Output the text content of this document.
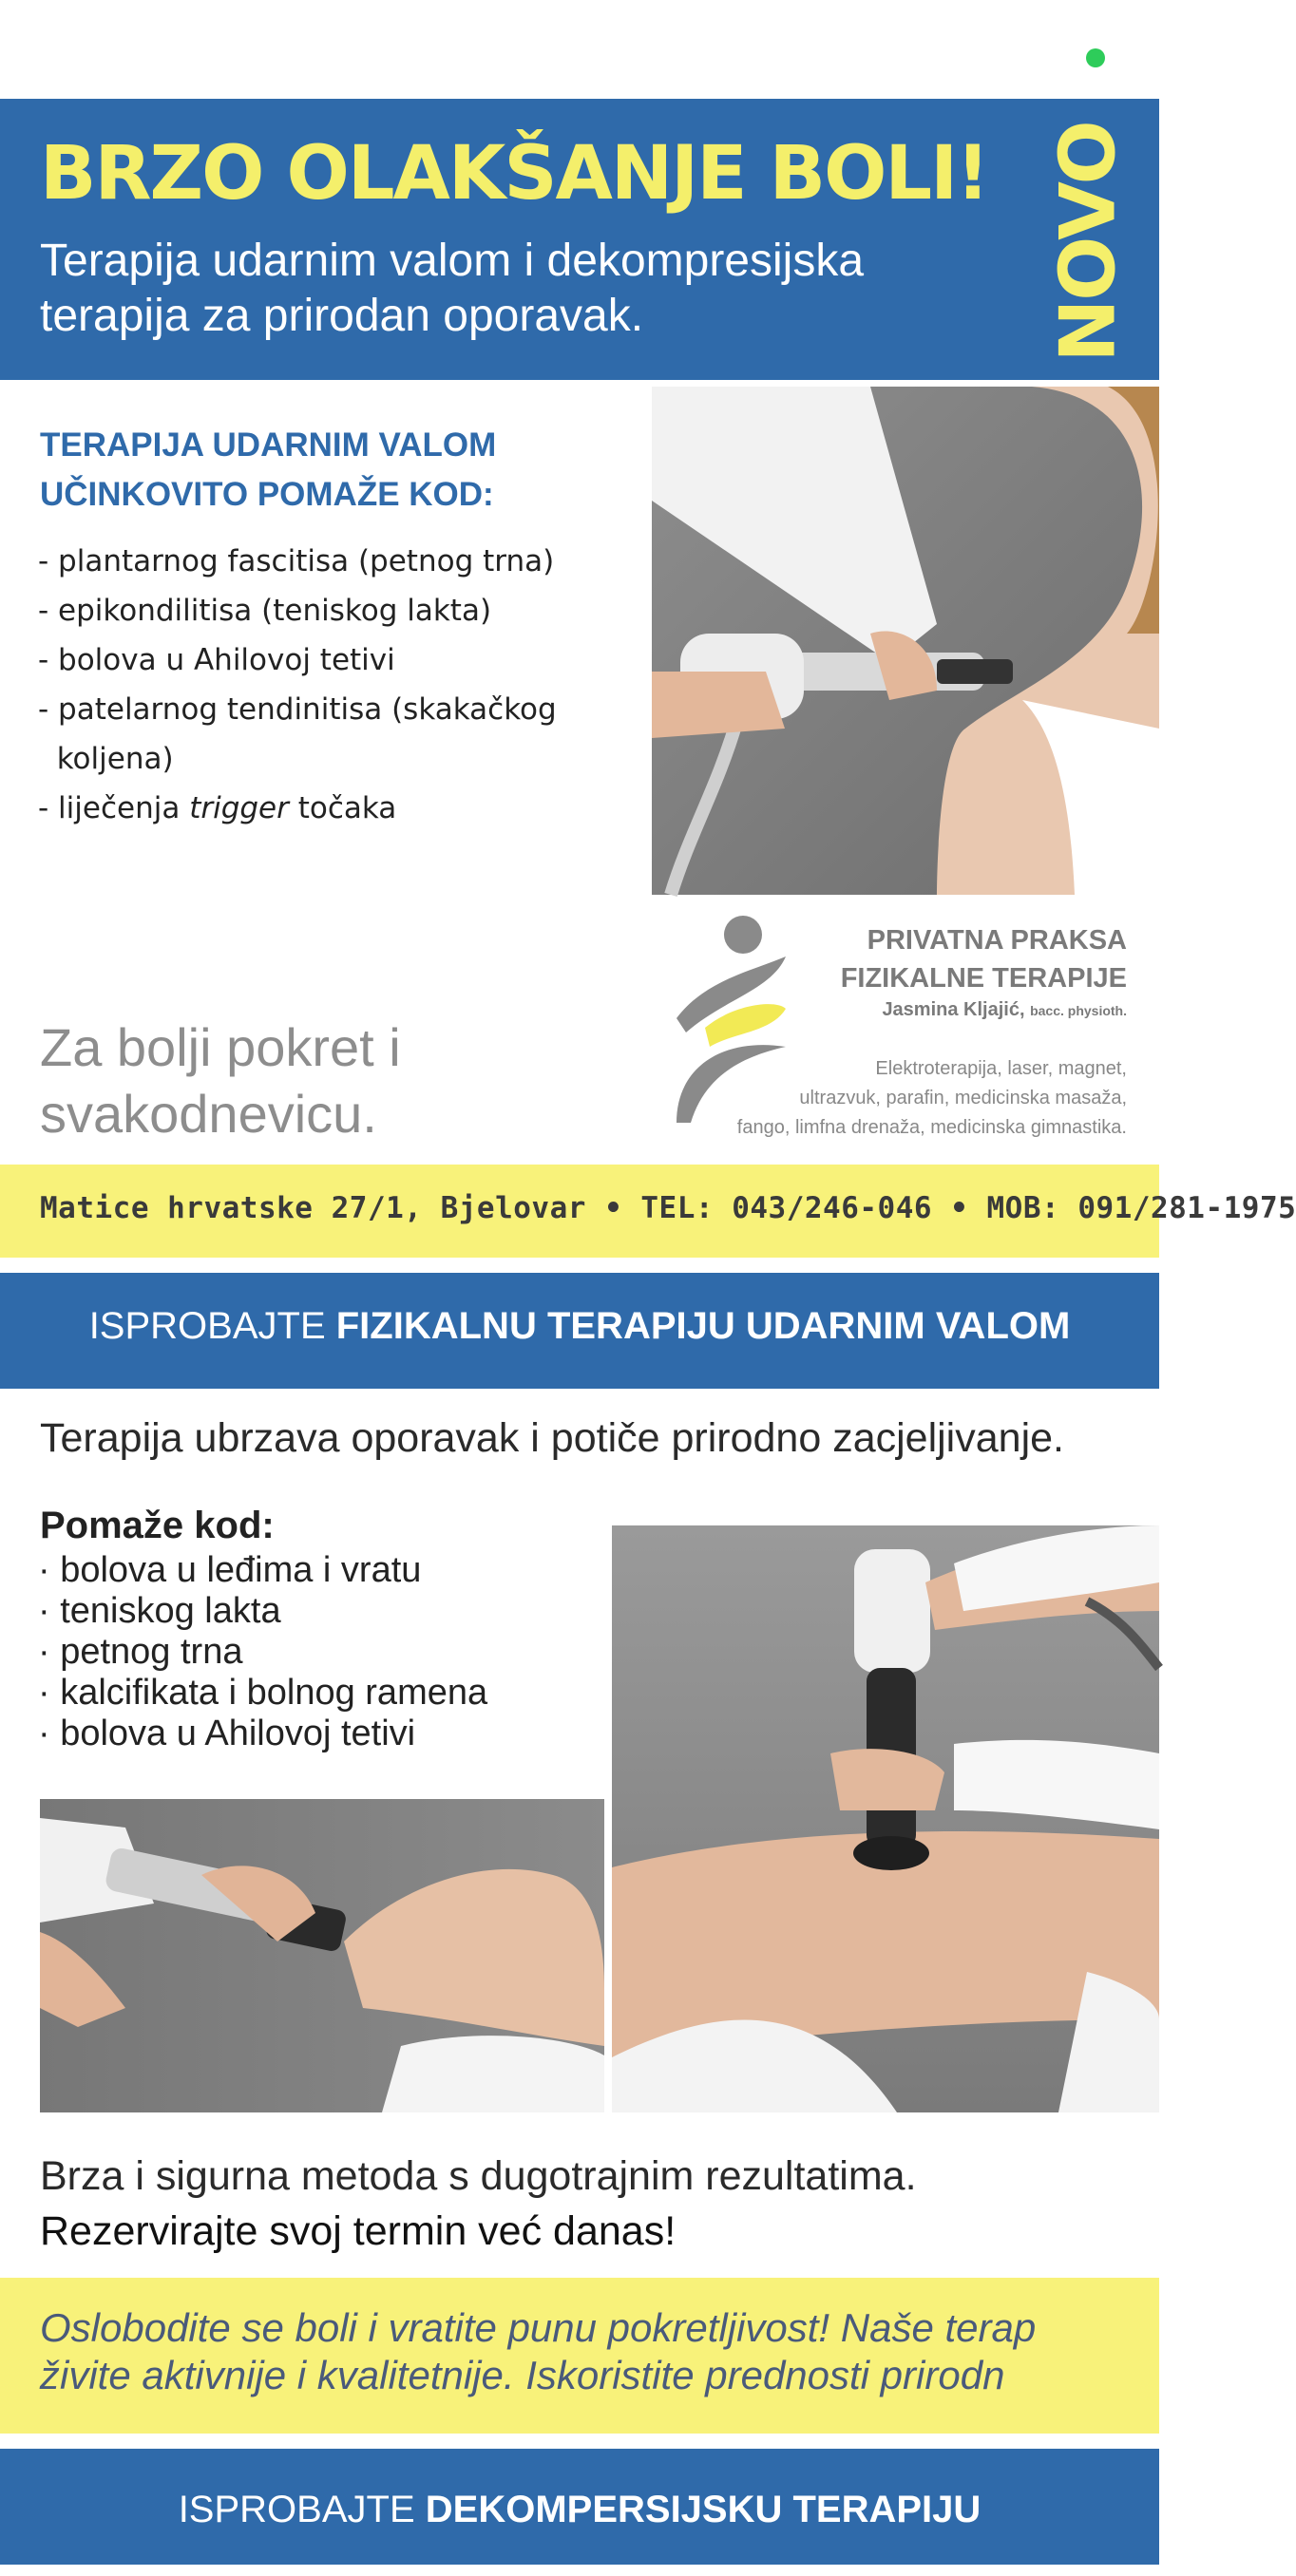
BRZO OLAKŠANJE BOLI!
Terapija udarnim valom i dekompresijska terapija za prirodan oporavak.	NOVO
TERAPIJA UDARNIM VALOM
UČINKOVITO POMAŽE KOD:
- plantarnog fascitisa (petnog trna)
- epikondilitisa (teniskog lakta)
- bolova u Ahilovoj tetivi
- patelarnog tendinitisa (skakačkog
koljena)
- liječenja trigger točaka
Za bolji pokret i svakodnevicu.
PRIVATNA PRAKSA
FIZIKALNE TERAPIJE
Jasmina Kljajić, bacc. physioth.
Elektroterapija, laser, magnet,
ultrazvuk, parafin, medicinska masaža,
fango, limfna drenaža, medicinska gimnastika.
Matice hrvatske 27/1, Bjelovar • TEL: 043/246-046 • MOB: 091/281-1975
ISPROBAJTE FIZIKALNU TERAPIJU UDARNIM VALOM
Terapija ubrzava oporavak i potiče prirodno zacjeljivanje.
Pomaže kod:
· bolova u leđima i vratu
· teniskog lakta
· petnog trna
· kalcifikata i bolnog ramena
· bolova u Ahilovoj tetivi
Brza i sigurna metoda s dugotrajnim rezultatima.
Rezervirajte svoj termin već danas!
Oslobodite se boli i vratite punu pokretljivost! Naše terap
živite aktivnije i kvalitetnije. Iskoristite prednosti prirodn
ISPROBAJTE DEKOMPERSIJSKU TERAPIJU
